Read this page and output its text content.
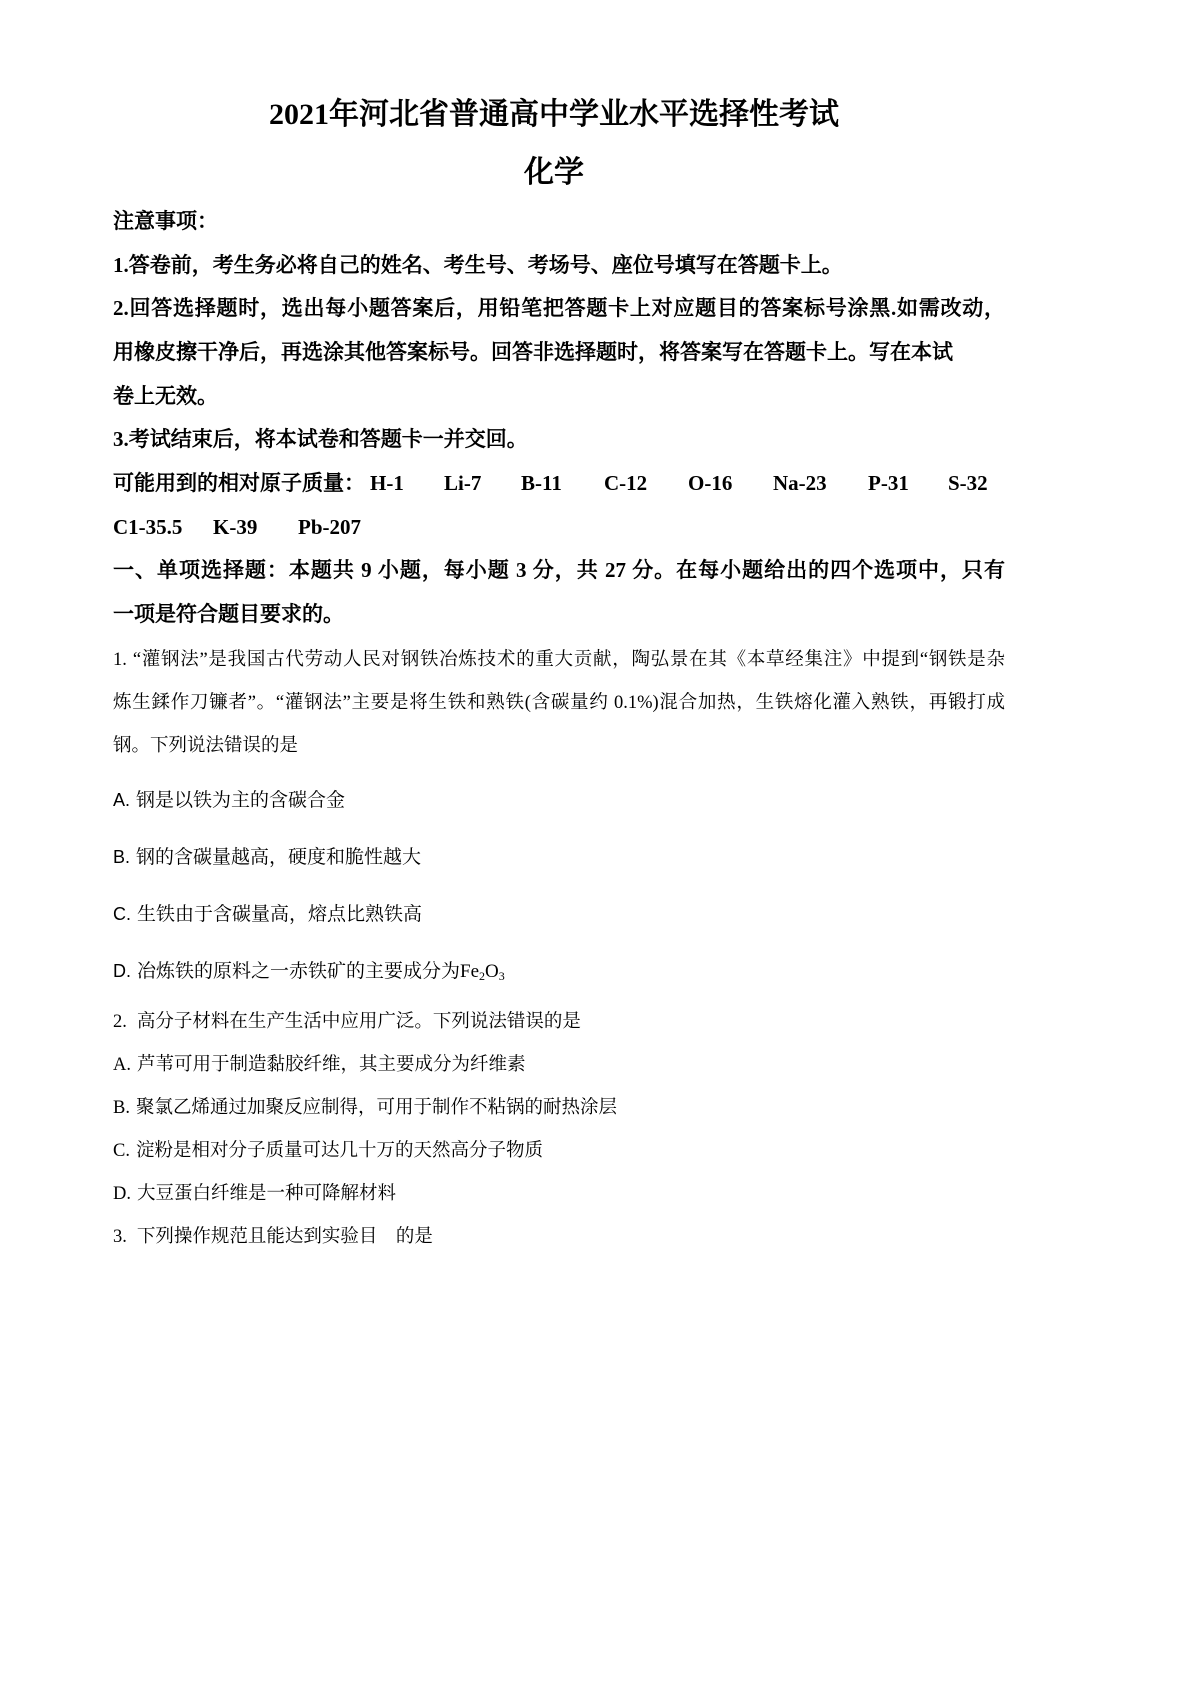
2021年河北省普通高中学业水平选择性考试
化学
注意事项：
1.答卷前，考生务必将自己的姓名、考生号、考场号、座位号填写在答题卡上。
2.回答选择题时，选出每小题答案后，用铅笔把答题卡上对应题目的答案标号涂黑.如需改动，
用橡皮擦干净后，再选涂其他答案标号。回答非选择题时，将答案写在答题卡上。写在本试
卷上无效。
3.考试结束后，将本试卷和答题卡一并交回。
可能用到的相对原子质量： H-1 Li-7 B-11 C-12 O-16 Na-23 P-31 S-32
C1-35.5 K-39 Pb-207
一、单项选择题：本题共 9 小题，每小题 3 分，共 27 分。在每小题给出的四个选项中，只有
一项是符合题目要求的。
1. “灌钢法”是我国古代劳动人民对钢铁冶炼技术的重大贡献，陶弘景在其《本草经集注》中提到“钢铁是杂
炼生鍒作刀镰者”。“灌钢法”主要是将生铁和熟铁(含碳量约 0.1%)混合加热，生铁熔化灌入熟铁，再锻打成
钢。下列说法错误的是
A. 钢是以铁为主的含碳合金
B. 钢的含碳量越高，硬度和脆性越大
C. 生铁由于含碳量高，熔点比熟铁高
D. 冶炼铁的原料之一赤铁矿的主要成分为$Fe_2O_3$
2. 高分子材料在生产生活中应用广泛。下列说法错误的是
A. 芦苇可用于制造黏胶纤维，其主要成分为纤维素
B. 聚氯乙烯通过加聚反应制得，可用于制作不粘锅的耐热涂层
C. 淀粉是相对分子质量可达几十万的天然高分子物质
D. 大豆蛋白纤维是一种可降解材料
3. 下列操作规范且能达到实验目    的是
